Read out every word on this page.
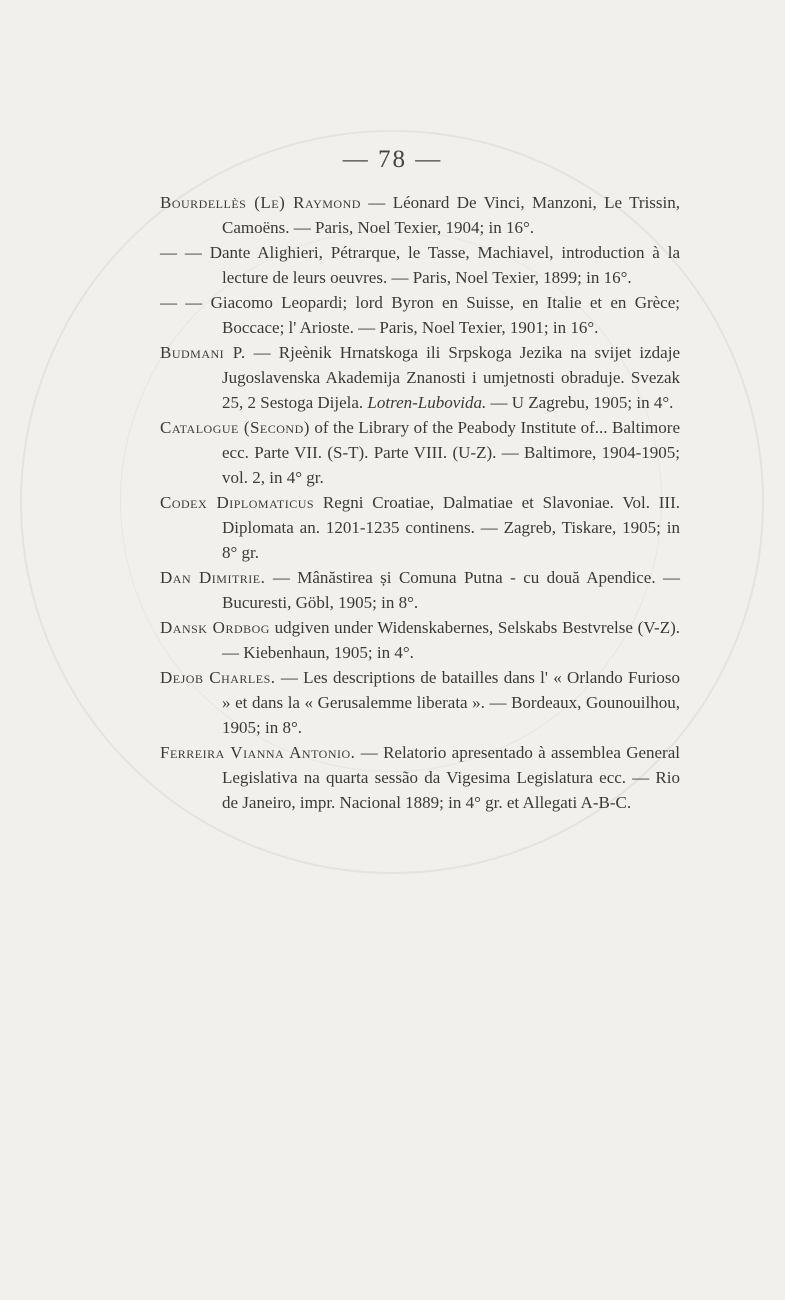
— 78 —

Bourdellès (Le) Raymond — Léonard De Vinci, Manzoni, Le Trissin, Camoëns. — Paris, Noel Texier, 1904; in 16°.

— — Dante Alighieri, Pétrarque, le Tasse, Machiavel, introduction à la lecture de leurs oeuvres. — Paris, Noel Texier, 1899; in 16°.

— — Giacomo Leopardi; lord Byron en Suisse, en Italie et en Grèce; Boccace; l' Arioste. — Paris, Noel Texier, 1901; in 16°.

Budmani P. — Rjeènik Hrnatskoga ili Srpskoga Jezika na svijet izdaje Jugoslavenska Akademija Znanosti i umjetnosti obraduje. Svezak 25, 2 Sestoga Dijela. Lotren-Lubovida. — U Zagrebu, 1905; in 4°.

Catalogue (Second) of the Library of the Peabody Institute of... Baltimore ecc. Parte VII. (S-T). Parte VIII. (U-Z). — Baltimore, 1904-1905; vol. 2, in 4° gr.

Codex Diplomaticus Regni Croatiae, Dalmatiae et Slavoniae. Vol. III. Diplomata an. 1201-1235 continens. — Zagreb, Tiskare, 1905; in 8° gr.

Dan Dimitrie. — Mânăstirea și Comuna Putna - cu două Apendice. — Bucuresti, Göbl, 1905; in 8°.

Dansk Ordbog udgiven under Widenskabernes, Selskabs Bestvrelse (V-Z). — Kiebenhaun, 1905; in 4°.

Dejob Charles. — Les descriptions de batailles dans l' « Orlando Furioso » et dans la « Gerusalemme liberata ». — Bordeaux, Gounouilhou, 1905; in 8°.

Ferreira Vianna Antonio. — Relatorio apresentado à assemblea General Legislativa na quarta sessão da Vigesima Legislatura ecc. — Rio de Janeiro, impr. Nacional 1889; in 4° gr. et Allegati A-B-C.
